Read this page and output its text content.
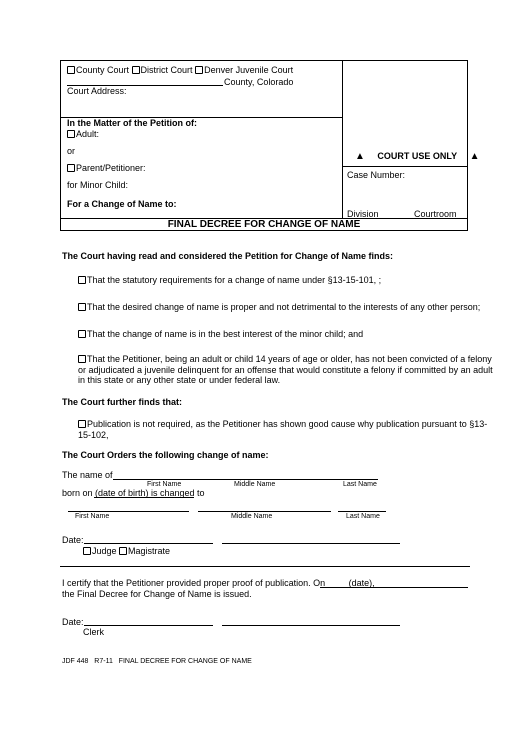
County Court District Court Denver Juvenile Court
County, Colorado
Court Address:
In the Matter of the Petition of:
Adult:
or
Parent/Petitioner:
for Minor Child:
For a Change of Name to:
▲ COURT USE ONLY ▲
Case Number:
Division	Courtroom
FINAL DECREE FOR CHANGE OF NAME
The Court having read and considered the Petition for Change of Name finds:
That the statutory requirements for a change of name under §13-15-101, ;
That the desired change of name is proper and not detrimental to the interests of any other person;
That the change of name is in the best interest of the minor child; and
That the Petitioner, being an adult or child 14 years of age or older, has not been convicted of a felony or adjudicated a juvenile delinquent for an offense that would constitute a felony if committed by an adult in this state or any other state or under federal law.
The Court further finds that:
Publication is not required, as the Petitioner has shown good cause why publication pursuant to §13-15-102,
The Court Orders the following change of name:
The name of
First Name	Middle Name	Last Name
born on (date of birth) is changed to
First Name	Middle Name	Last Name
Date:
Judge Magistrate
I certify that the Petitioner provided proper proof of publication. On (date),
the Final Decree for Change of Name is issued.
Date:
Clerk
JDF 448   R7-11   FINAL DECREE FOR CHANGE OF NAME
